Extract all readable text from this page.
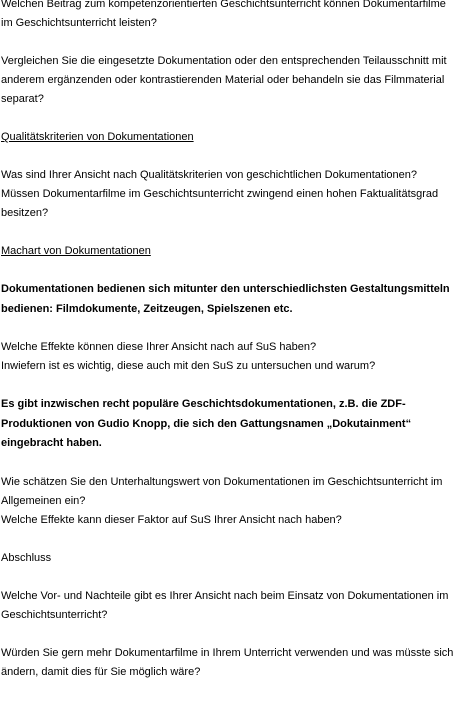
Welchen Beitrag zum kompetenzorientierten Geschichtsunterricht können Dokumentarfilme
im Geschichtsunterricht leisten?
Vergleichen Sie die eingesetzte Dokumentation oder den entsprechenden Teilausschnitt mit
anderem ergänzenden oder kontrastierenden Material oder behandeln sie das Filmmaterial
separat?
Qualitätskriterien von Dokumentationen
Was sind Ihrer Ansicht nach Qualitätskriterien von geschichtlichen Dokumentationen?
Müssen Dokumentarfilme im Geschichtsunterricht zwingend einen hohen Faktualitätsgrad
besitzen?
Machart von Dokumentationen
Dokumentationen bedienen sich mitunter den unterschiedlichsten Gestaltungsmitteln
bedienen: Filmdokumente, Zeitzeugen, Spielszenen etc.
Welche Effekte können diese Ihrer Ansicht nach auf SuS haben?
Inwiefern ist es wichtig, diese auch mit den SuS zu untersuchen und warum?
Es gibt inzwischen recht populäre Geschichtsdokumentationen, z.B. die ZDF-
Produktionen von Gudio Knopp, die sich den Gattungsnamen „Dokutainment“
eingebracht haben.
Wie schätzen Sie den Unterhaltungswert von Dokumentationen im Geschichtsunterricht im
Allgemeinen ein?
Welche Effekte kann dieser Faktor auf SuS Ihrer Ansicht nach haben?
Abschluss
Welche Vor- und Nachteile gibt es Ihrer Ansicht nach beim Einsatz von Dokumentationen im
Geschichtsunterricht?
Würden Sie gern mehr Dokumentarfilme in Ihrem Unterricht verwenden und was müsste sich
ändern, damit dies für Sie möglich wäre?
